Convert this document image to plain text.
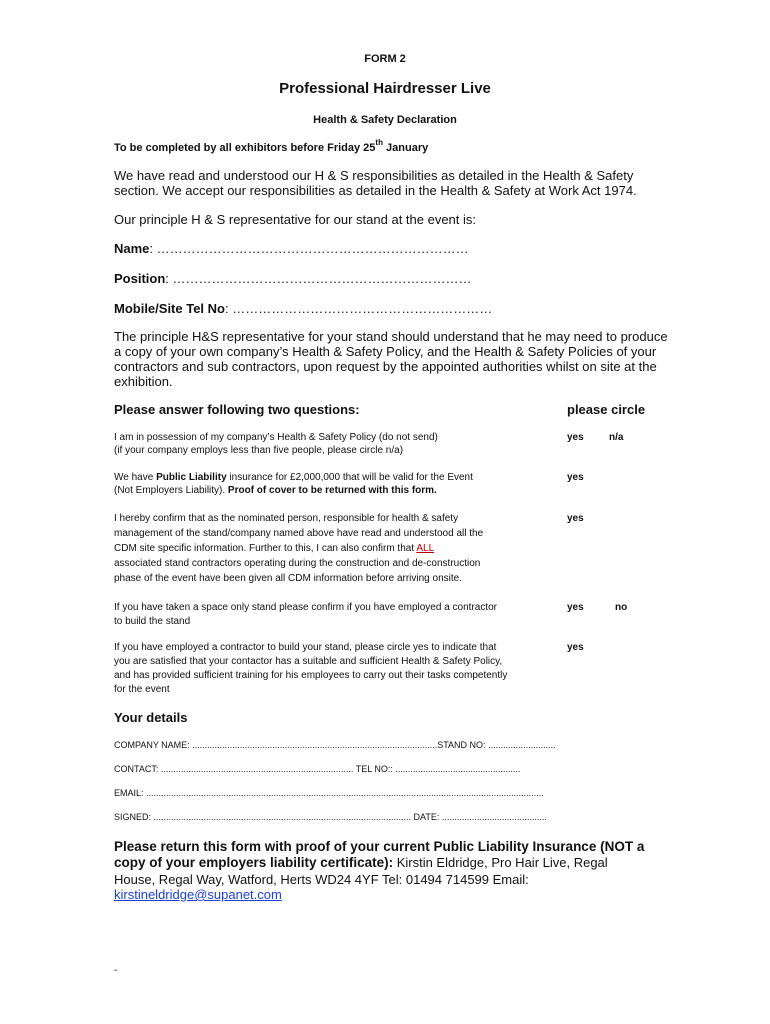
FORM 2
Professional Hairdresser Live
Health & Safety Declaration
To be completed by all exhibitors before Friday 25th January
We have read and understood our H & S responsibilities as detailed in the Health & Safety
section. We accept our responsibilities as detailed in the Health & Safety at Work Act 1974.
Our principle H & S representative for our stand at the event is:
Name: ………………………………………………………………
Position: ……………………………………………………………
Mobile/Site Tel No: ……………………………………………………
The principle H&S representative for your stand should understand that he may need to produce
a copy of your own company’s Health & Safety Policy, and the Health & Safety Policies of your
contractors and sub contractors, upon request by the appointed authorities whilst on site at the
exhibition.
Please answer following two questions:	please circle
I am in possession of my company’s Health & Safety Policy (do not send)
(if your company employs less than five people, please circle n/a)
yes	n/a
We have Public Liability insurance for £2,000,000 that will be valid for the Event
(Not Employers Liability). Proof of cover to be returned with this form.
yes
I hereby confirm that as the nominated person, responsible for health & safety
management of the stand/company named above have read and understood all the
CDM site specific information. Further to this, I can also confirm that ALL
associated stand contractors operating during the construction and de-construction
phase of the event have been given all CDM information before arriving onsite.
yes
If you have taken a space only stand please confirm if you have employed a contractor
to build the stand
yes	no
If you have employed a contractor to build your stand, please circle yes to indicate that
you are satisfied that your contactor has a suitable and sufficient Health & Safety Policy,
and has provided sufficient training for his employees to carry out their tasks competently
for the event
yes
Your details
COMPANY NAME: ..................................................................................................STAND NO: ...........................
CONTACT: ............................................................................. TEL NO:: ..................................................
EMAIL: ...............................................................................................................................................................
SIGNED: ....................................................................................................... DATE: ..........................................
Please return this form with proof of your current Public Liability Insurance (NOT a
copy of your employers liability certificate): Kirstin Eldridge, Pro Hair Live, Regal
House, Regal Way, Watford, Herts WD24 4YF Tel: 01494 714599 Email:
kirstineldridge@supanet.com
-
